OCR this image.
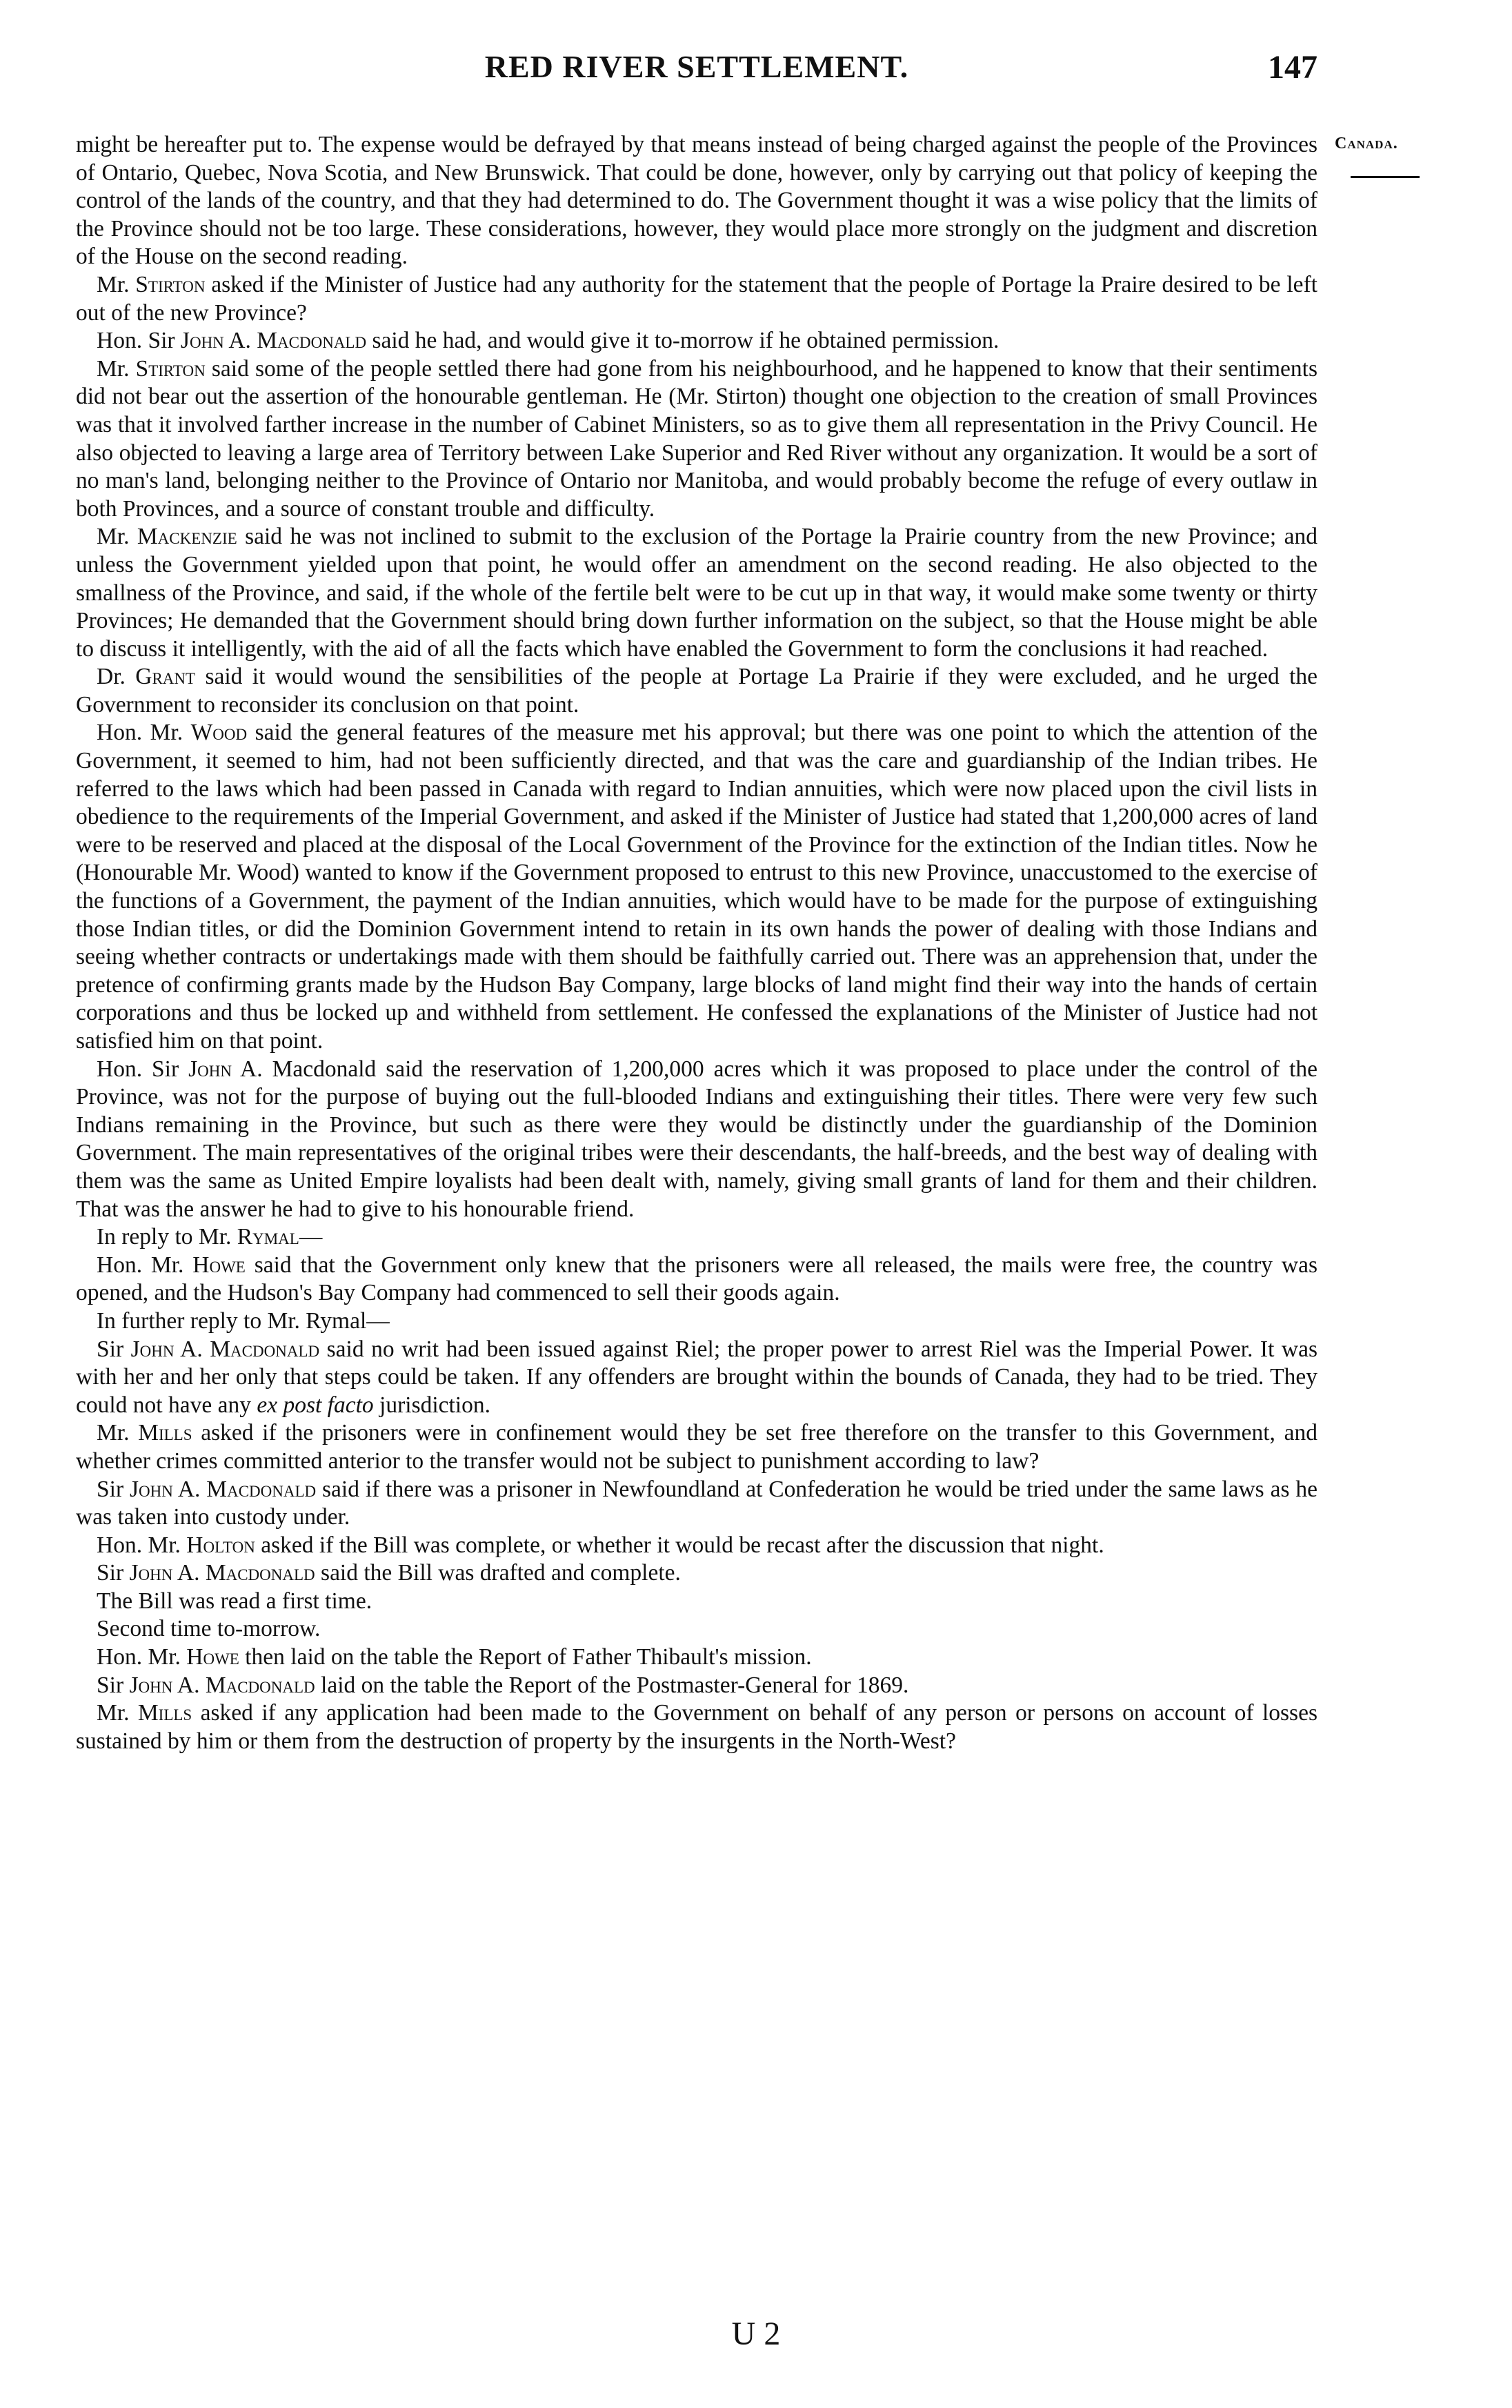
RED RIVER SETTLEMENT.	147
Canada.

might be hereafter put to. The expense would be defrayed by that means instead of being charged against the people of the Provinces of Ontario, Quebec, Nova Scotia, and New Brunswick. That could be done, however, only by carrying out that policy of keeping the control of the lands of the country, and that they had determined to do. The Government thought it was a wise policy that the limits of the Province should not be too large. These considerations, however, they would place more strongly on the judgment and discretion of the House on the second reading.

Mr. Stirton asked if the Minister of Justice had any authority for the statement that the people of Portage la Praire desired to be left out of the new Province?

Hon. Sir John A. Macdonald said he had, and would give it to-morrow if he obtained permission.

Mr. Stirton said some of the people settled there had gone from his neighbourhood, and he happened to know that their sentiments did not bear out the assertion of the honourable gentleman. He (Mr. Stirton) thought one objection to the creation of small Provinces was that it involved farther increase in the number of Cabinet Ministers, so as to give them all representation in the Privy Council. He also objected to leaving a large area of Territory between Lake Superior and Red River without any organization. It would be a sort of no man's land, belonging neither to the Province of Ontario nor Manitoba, and would probably become the refuge of every outlaw in both Provinces, and a source of constant trouble and difficulty.

Mr. Mackenzie said he was not inclined to submit to the exclusion of the Portage la Prairie country from the new Province; and unless the Government yielded upon that point, he would offer an amendment on the second reading. He also objected to the smallness of the Province, and said, if the whole of the fertile belt were to be cut up in that way, it would make some twenty or thirty Provinces; He demanded that the Government should bring down further information on the subject, so that the House might be able to discuss it intelligently, with the aid of all the facts which have enabled the Government to form the conclusions it had reached.

Dr. Grant said it would wound the sensibilities of the people at Portage La Prairie if they were excluded, and he urged the Government to reconsider its conclusion on that point.

Hon. Mr. Wood said the general features of the measure met his approval; but there was one point to which the attention of the Government, it seemed to him, had not been sufficiently directed, and that was the care and guardianship of the Indian tribes. He referred to the laws which had been passed in Canada with regard to Indian annuities, which were now placed upon the civil lists in obedience to the requirements of the Imperial Government, and asked if the Minister of Justice had stated that 1,200,000 acres of land were to be reserved and placed at the disposal of the Local Government of the Province for the extinction of the Indian titles. Now he (Honourable Mr. Wood) wanted to know if the Government proposed to entrust to this new Province, unaccustomed to the exercise of the functions of a Government, the payment of the Indian annuities, which would have to be made for the purpose of extinguishing those Indian titles, or did the Dominion Government intend to retain in its own hands the power of dealing with those Indians and seeing whether contracts or undertakings made with them should be faithfully carried out. There was an apprehension that, under the pretence of confirming grants made by the Hudson Bay Company, large blocks of land might find their way into the hands of certain corporations and thus be locked up and withheld from settlement. He confessed the explanations of the Minister of Justice had not satisfied him on that point.

Hon. Sir John A. Macdonald said the reservation of 1,200,000 acres which it was proposed to place under the control of the Province, was not for the purpose of buying out the full-blooded Indians and extinguishing their titles. There were very few such Indians remaining in the Province, but such as there were they would be distinctly under the guardianship of the Dominion Government. The main representatives of the original tribes were their descendants, the half-breeds, and the best way of dealing with them was the same as United Empire loyalists had been dealt with, namely, giving small grants of land for them and their children. That was the answer he had to give to his honourable friend.

In reply to Mr. Rymal—

Hon. Mr. Howe said that the Government only knew that the prisoners were all released, the mails were free, the country was opened, and the Hudson's Bay Company had commenced to sell their goods again.

In further reply to Mr. Rymal—

Sir John A. Macdonald said no writ had been issued against Riel; the proper power to arrest Riel was the Imperial Power. It was with her and her only that steps could be taken. If any offenders are brought within the bounds of Canada, they had to be tried. They could not have any ex post facto jurisdiction.

Mr. Mills asked if the prisoners were in confinement would they be set free therefore on the transfer to this Government, and whether crimes committed anterior to the transfer would not be subject to punishment according to law?

Sir John A. Macdonald said if there was a prisoner in Newfoundland at Confederation he would be tried under the same laws as he was taken into custody under.

Hon. Mr. Holton asked if the Bill was complete, or whether it would be recast after the discussion that night.

Sir John A. Macdonald said the Bill was drafted and complete.

The Bill was read a first time.

Second time to-morrow.

Hon. Mr. Howe then laid on the table the Report of Father Thibault's mission.

Sir John A. Macdonald laid on the table the Report of the Postmaster-General for 1869.

Mr. Mills asked if any application had been made to the Government on behalf of any person or persons on account of losses sustained by him or them from the destruction of property by the insurgents in the North-West?

U 2
